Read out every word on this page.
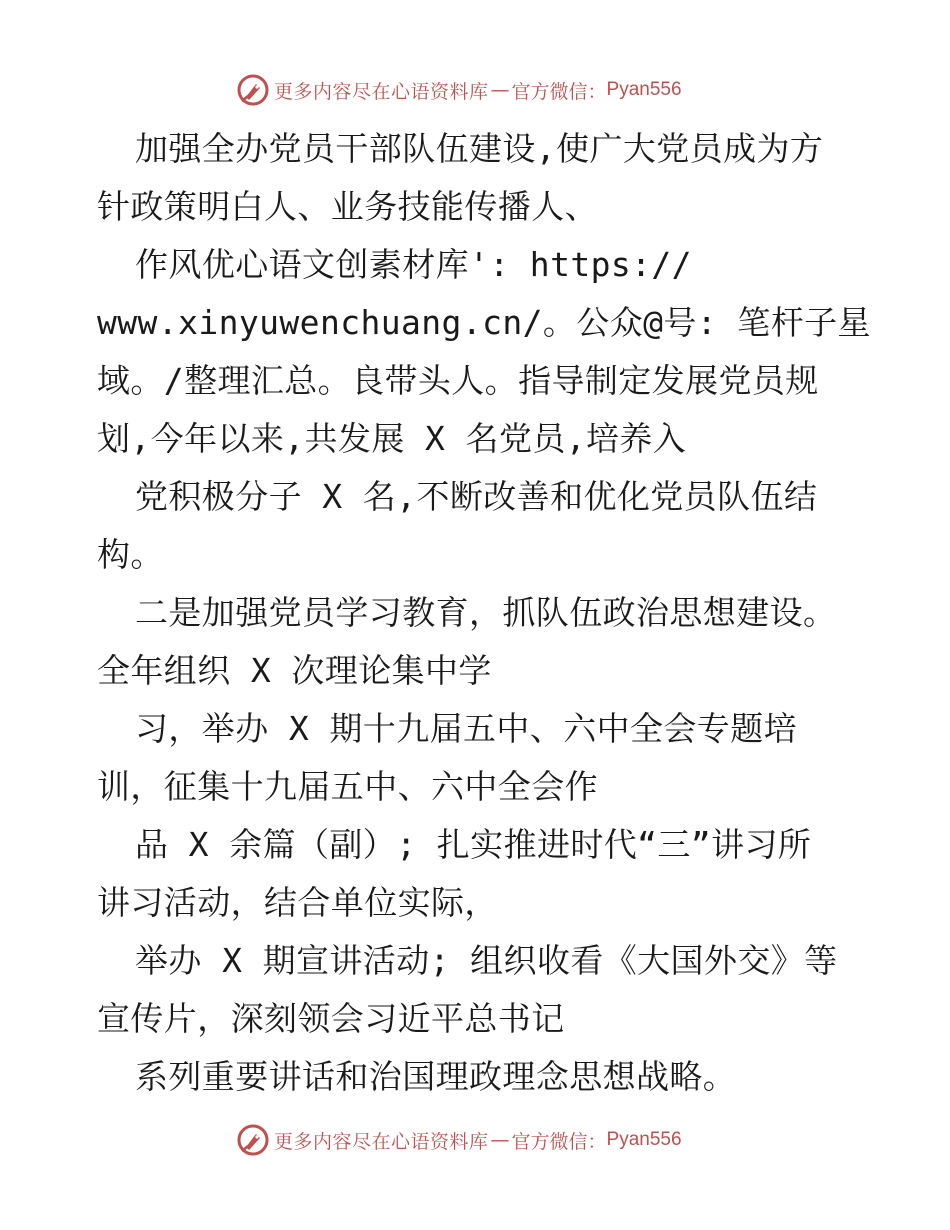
更多内容尽在心语资料库 — 官方微信： Pyan556
加强全办党员干部队伍建设,使广大党员成为方
针政策明白人、业务技能传播人、
作风优心语文创素材库': https://
www.xinyuwenchuang.cn/。公众@号: 笔杆子星
域。/整理汇总。良带头人。指导制定发展党员规
划,今年以来,共发展 X 名党员,培养入
党积极分子 X 名,不断改善和优化党员队伍结
构。
二是加强党员学习教育，抓队伍政治思想建设。
全年组织 X 次理论集中学
习，举办 X 期十九届五中、六中全会专题培
训，征集十九届五中、六中全会作
品 X 余篇（副）; 扎实推进时代“三”讲习所
讲习活动，结合单位实际，
举办 X 期宣讲活动; 组织收看《大国外交》等
宣传片，深刻领会习近平总书记
系列重要讲话和治国理政理念思想战略。
更多内容尽在心语资料库 — 官方微信： Pyan556
